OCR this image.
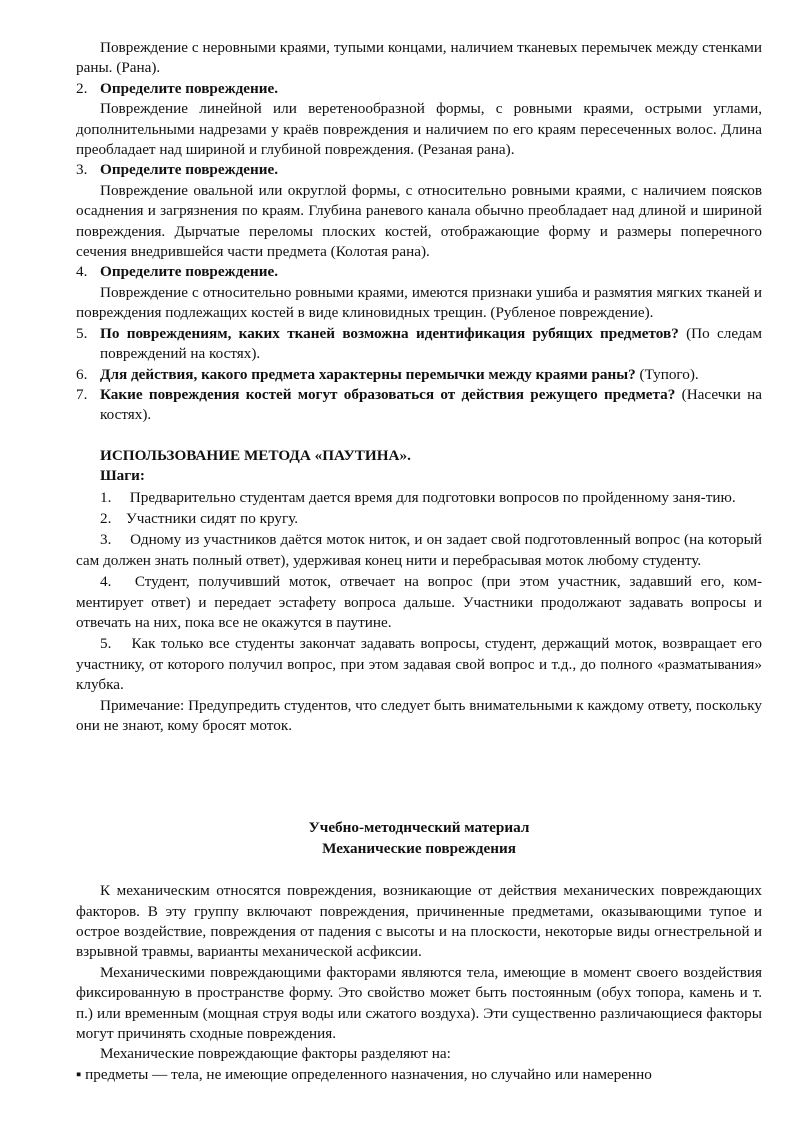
Повреждение с неровными краями, тупыми концами, наличием тканевых перемычек между стенками раны. (Рана).

2. Определите повреждение.

Повреждение линейной или веретенообразной формы, с ровными краями, острыми углами, дополнительными надрезами у краёв повреждения и наличием по его краям пересеченных волос. Длина преобладает над шириной и глубиной повреждения. (Резаная рана).

3. Определите повреждение.

Повреждение овальной или округлой формы, с относительно ровными краями, с наличием поясков осаднения и загрязнения по краям. Глубина раневого канала обычно преобладает над длиной и шириной повреждения. Дырчатые переломы плоских костей, отображающие форму и размеры поперечного сечения внедрившейся части предмета (Колотая рана).

4. Определите повреждение.

Повреждение с относительно ровными краями, имеются признаки ушиба и размятия мягких тканей и повреждения подлежащих костей в виде клиновидных трещин. (Рубленое повреждение).

5. По повреждениям, каких тканей возможна идентификация рубящих предметов? (По следам повреждений на костях).

6. Для действия, какого предмета характерны перемычки между краями раны? (Тупого).

7. Какие повреждения костей могут образоваться от действия режущего предмета? (Насечки на костях).

ИСПОЛЬЗОВАНИЕ МЕТОДА «ПАУТИНА».

Шаги:

1. Предварительно студентам дается время для подготовки вопросов по пройденному заня-тию.

2. Участники сидят по кругу.

3. Одному из участников даётся моток ниток, и он задает свой подготовленный вопрос (на который сам должен знать полный ответ), удерживая конец нити и перебрасывая моток любому студенту.

4. Студент, получивший моток, отвечает на вопрос (при этом участник, задавший его, ком-ментирует ответ) и передает эстафету вопроса дальше. Участники продолжают задавать вопросы и отвечать на них, пока все не окажутся в паутине.

5. Как только все студенты закончат задавать вопросы, студент, держащий моток, возвращает его участнику, от которого получил вопрос, при этом задавая свой вопрос и т.д., до полного «разматывания» клубка.

Примечание: Предупредить студентов, что следует быть внимательными к каждому ответу, поскольку они не знают, кому бросят моток.

Учебно-методнческий материал

Механические повреждения

К механическим относятся повреждения, возникающие от действия механических повреждающих факторов. В эту группу включают повреждения, причиненные предметами, оказывающими тупое и острое воздействие, повреждения от падения с высоты и на плоскости, некоторые виды огнестрельной и взрывной травмы, варианты механической асфиксии.

Механическими повреждающими факторами являются тела, имеющие в момент своего воздействия фиксированную в пространстве форму. Это свойство может быть постоянным (обух топора, камень и т. п.) или временным (мощная струя воды или сжатого воздуха). Эти существенно различающиеся факторы могут причинять сходные повреждения.

Механические повреждающие факторы разделяют на:

▪ предметы — тела, не имеющие определенного назначения, но случайно или намеренно
